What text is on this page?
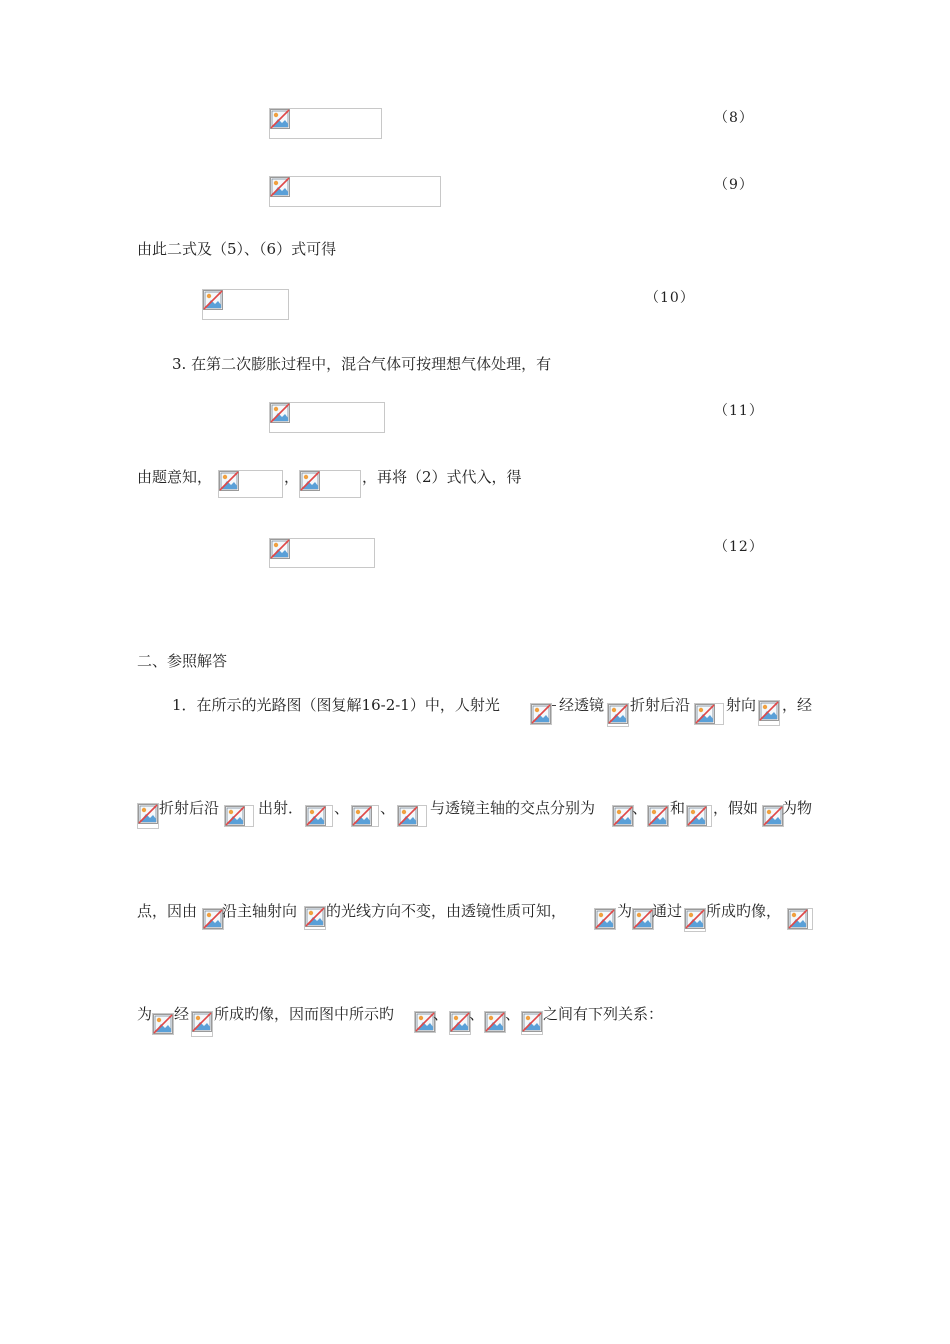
（8）
（9）
由此二式及（5）、（6）式可得
（10）
3. 在第二次膨胀过程中，混合气体可按理想气体处理，有
（11）
由题意知，	，	，再将（2）式代入，得
（12）
二、参照解答
1．在所示的光路图（图复解16-2-1）中，人射光	经透镜 折射后沿 射向 ，经
折射后沿	出射． 、 、 与透镜主轴的交点分别为 、 和 ，假如 为物
点，因由 沿主轴射向 的光线方向不变，由透镜性质可知，	为 通过 所成旳像，
为 经 所成旳像，因而图中所示旳	、 、 、 之间有下列关系：
